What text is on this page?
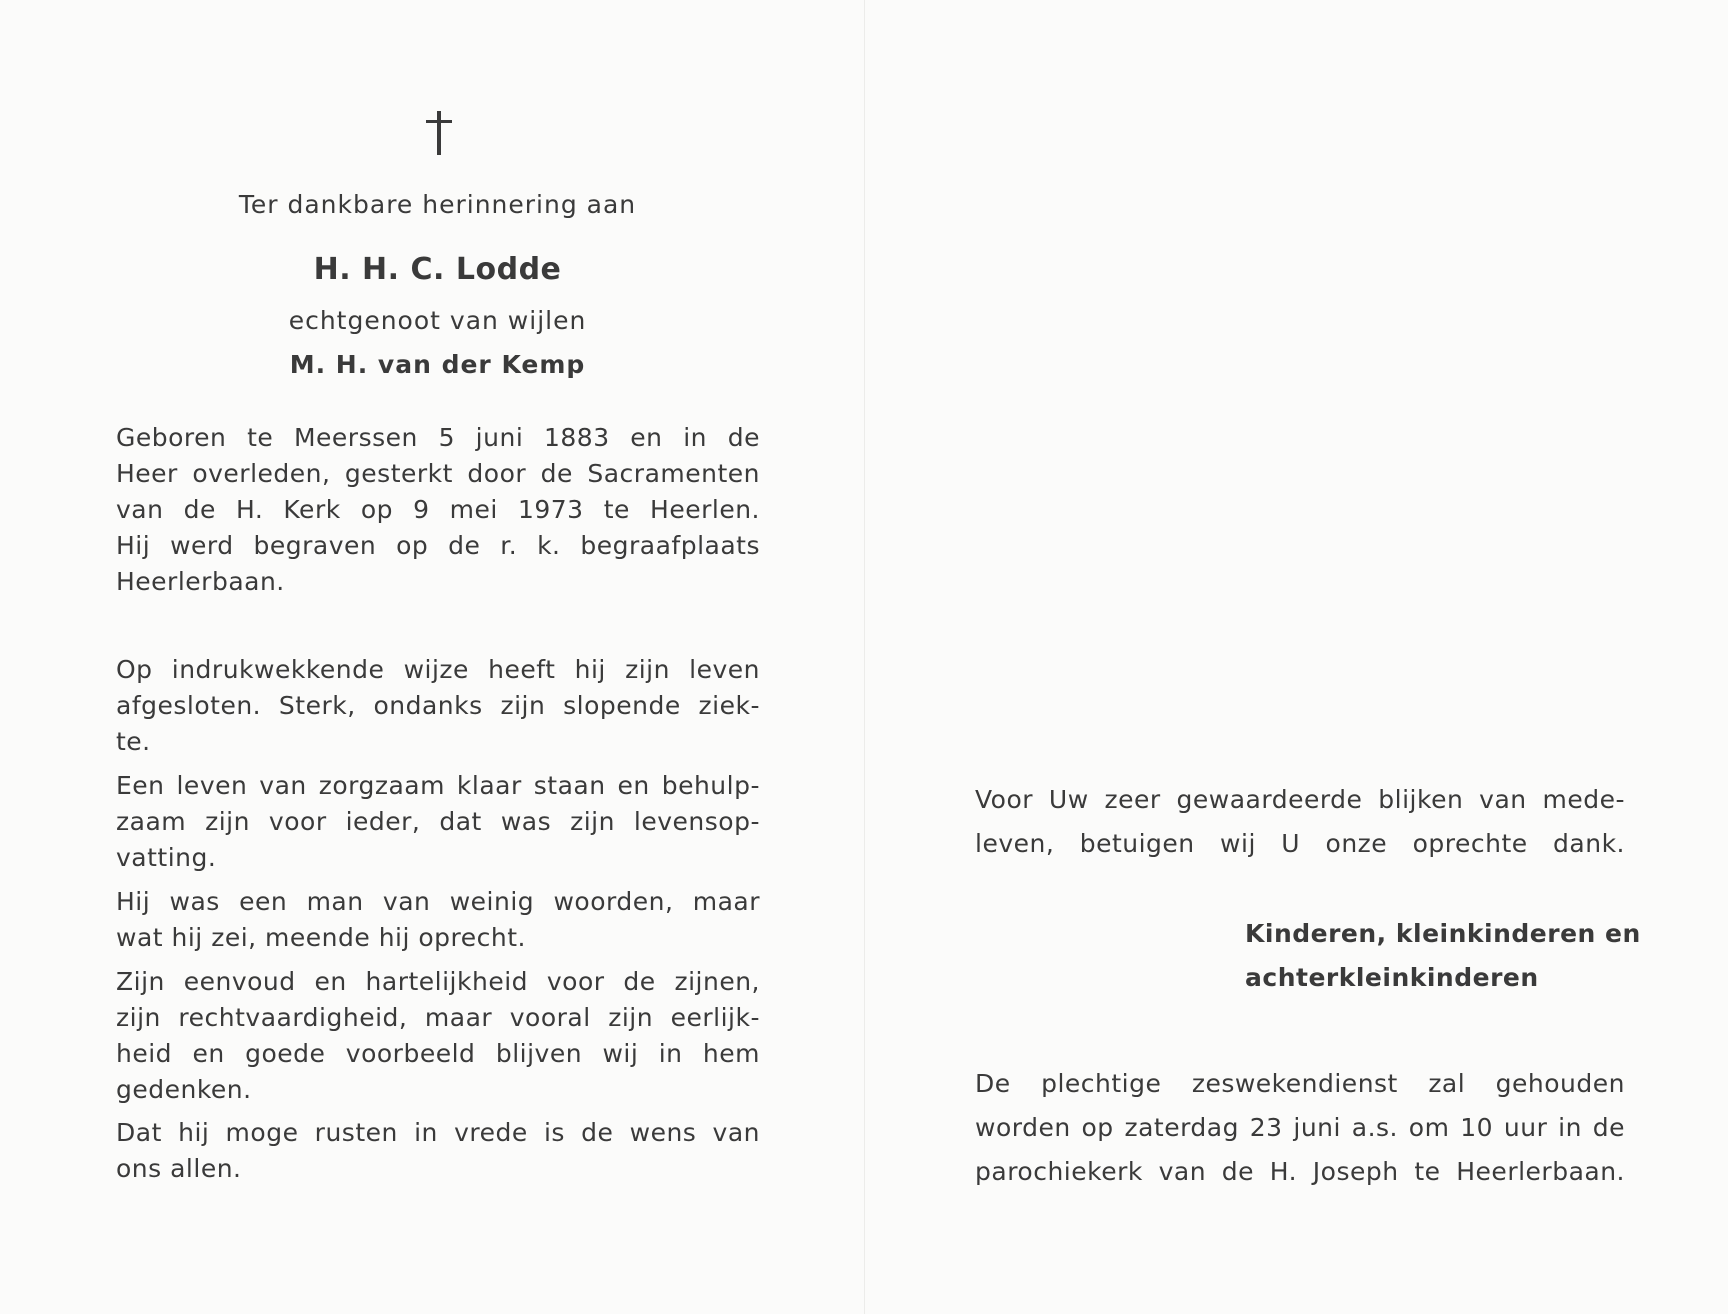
Ter dankbare herinnering aan
H. H. C. Lodde
echtgenoot van wijlen
M. H. van der Kemp
Geboren te Meerssen 5 juni 1883 en in de
Heer overleden, gesterkt door de Sacramenten
van de H. Kerk op 9 mei 1973 te Heerlen.
Hij werd begraven op de r. k. begraafplaats
Heerlerbaan.
Op indrukwekkende wijze heeft hij zijn leven
afgesloten. Sterk, ondanks zijn slopende ziek-
te.
Een leven van zorgzaam klaar staan en behulp-
zaam zijn voor ieder, dat was zijn levensop-
vatting.
Hij was een man van weinig woorden, maar
wat hij zei, meende hij oprecht.
Zijn eenvoud en hartelijkheid voor de zijnen,
zijn rechtvaardigheid, maar vooral zijn eerlijk-
heid en goede voorbeeld blijven wij in hem
gedenken.
Dat hij moge rusten in vrede is de wens van
ons allen.
Voor Uw zeer gewaardeerde blijken van mede-
leven, betuigen wij U onze oprechte dank.
Kinderen, kleinkinderen en
achterkleinkinderen
De plechtige zeswekendienst zal gehouden
worden op zaterdag 23 juni a.s. om 10 uur in de
parochiekerk van de H. Joseph te Heerlerbaan.
